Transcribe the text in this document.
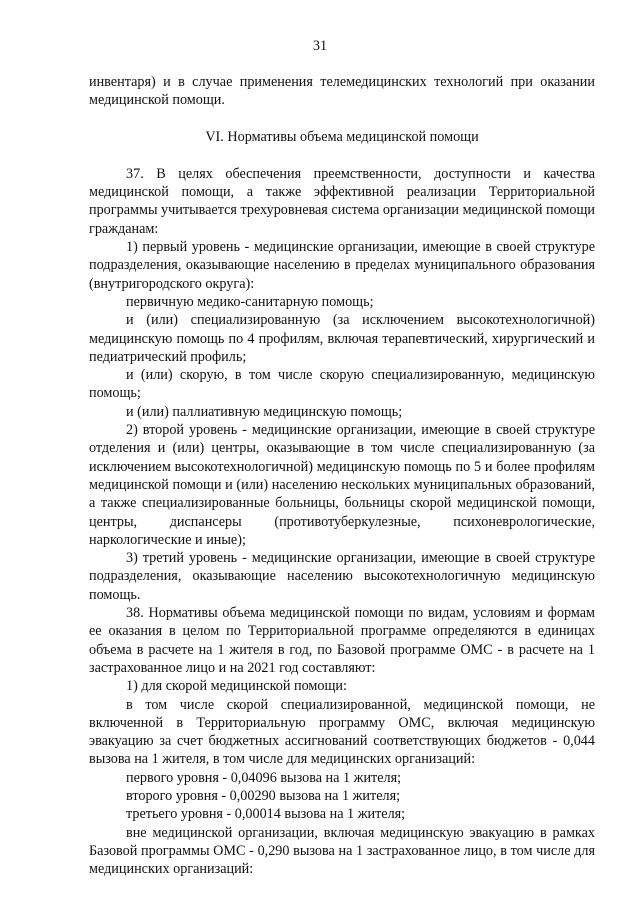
31

инвентаря) и в случае применения телемедицинских технологий при оказании медицинской помощи.

VI. Нормативы объема медицинской помощи

37. В целях обеспечения преемственности, доступности и качества медицинской помощи, а также эффективной реализации Территориальной программы учитывается трехуровневая система организации медицинской помощи гражданам:

1) первый уровень - медицинские организации, имеющие в своей структуре подразделения, оказывающие населению в пределах муниципального образования (внутригородского округа):

первичную медико-санитарную помощь;

и (или) специализированную (за исключением высокотехнологичной) медицинскую помощь по 4 профилям, включая терапевтический, хирургический и педиатрический профиль;

и (или) скорую, в том числе скорую специализированную, медицинскую помощь;

и (или) паллиативную медицинскую помощь;

2) второй уровень - медицинские организации, имеющие в своей структуре отделения и (или) центры, оказывающие в том числе специализированную (за исключением высокотехнологичной) медицинскую помощь по 5 и более профилям медицинской помощи и (или) населению нескольких муниципальных образований, а также специализированные больницы, больницы скорой медицинской помощи, центры, диспансеры (противотуберкулезные, психоневрологические, наркологические и иные);

3) третий уровень - медицинские организации, имеющие в своей структуре подразделения, оказывающие населению высокотехнологичную медицинскую помощь.

38. Нормативы объема медицинской помощи по видам, условиям и формам ее оказания в целом по Территориальной программе определяются в единицах объема в расчете на 1 жителя в год, по Базовой программе ОМС - в расчете на 1 застрахованное лицо и на 2021 год составляют:

1) для скорой медицинской помощи:

в том числе скорой специализированной, медицинской помощи, не включенной в Территориальную программу ОМС, включая медицинскую эвакуацию за счет бюджетных ассигнований соответствующих бюджетов - 0,044 вызова на 1 жителя, в том числе для медицинских организаций:

первого уровня - 0,04096 вызова на 1 жителя;

второго уровня - 0,00290 вызова на 1 жителя;

третьего уровня - 0,00014 вызова на 1 жителя;

вне медицинской организации, включая медицинскую эвакуацию в рамках Базовой программы ОМС - 0,290 вызова на 1 застрахованное лицо, в том числе для медицинских организаций:
